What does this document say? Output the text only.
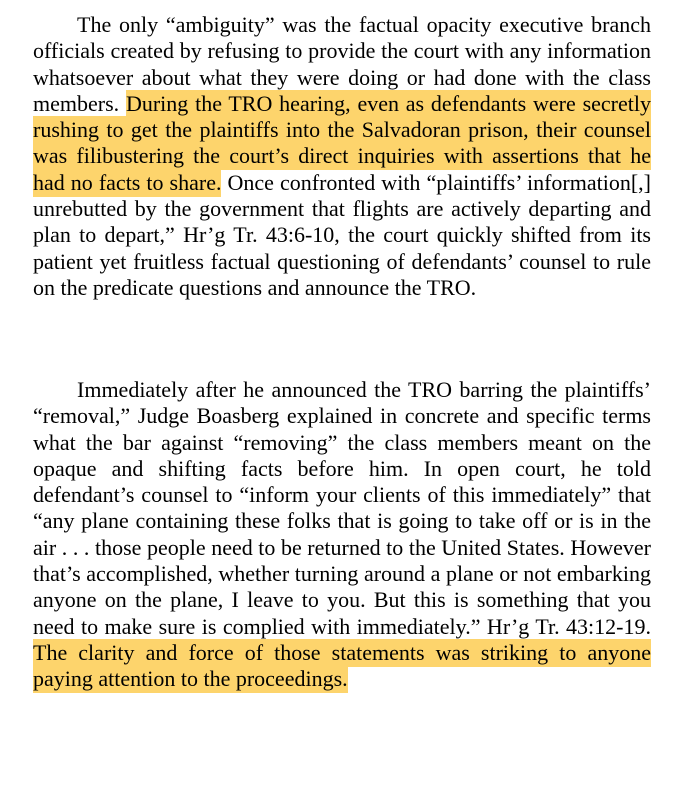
The only “ambiguity” was the factual opacity executive branch officials created by refusing to provide the court with any information whatsoever about what they were doing or had done with the class members. During the TRO hearing, even as defendants were secretly rushing to get the plaintiffs into the Salvadoran prison, their counsel was filibustering the court’s direct inquiries with assertions that he had no facts to share. Once confronted with “plaintiffs’ information[,] unrebutted by the government that flights are actively departing and plan to depart,” Hr’g Tr. 43:6-10, the court quickly shifted from its patient yet fruitless factual questioning of defendants’ counsel to rule on the predicate questions and announce the TRO.

Immediately after he announced the TRO barring the plaintiffs’ “removal,” Judge Boasberg explained in concrete and specific terms what the bar against “removing” the class members meant on the opaque and shifting facts before him. In open court, he told defendant’s counsel to “inform your clients of this immediately” that “any plane containing these folks that is going to take off or is in the air . . . those people need to be returned to the United States. However that’s accomplished, whether turning around a plane or not embarking anyone on the plane, I leave to you. But this is something that you need to make sure is complied with immediately.” Hr’g Tr. 43:12-19. The clarity and force of those statements was striking to anyone paying attention to the proceedings.
